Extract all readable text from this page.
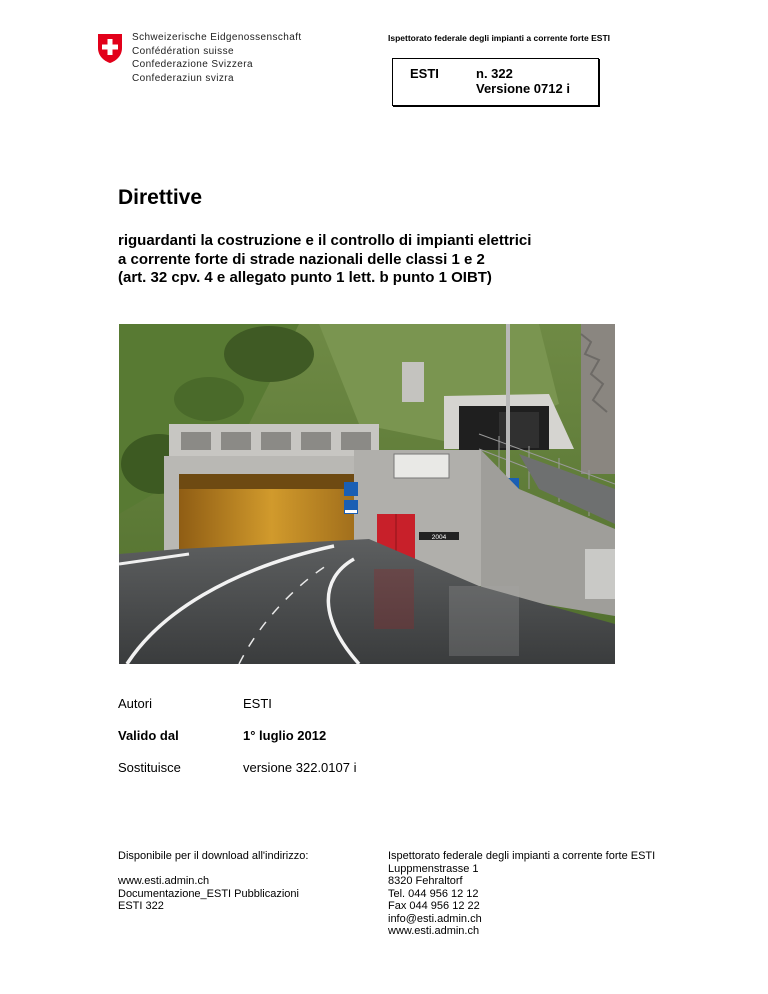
Schweizerische Eidgenossenschaft
Confédération suisse
Confederazione Svizzera
Confederaziun svizra
Ispettorato federale degli impianti a corrente forte ESTI
ESTI	n. 322
Versione 0712 i
Direttive
riguardanti la costruzione e il controllo di impianti elettrici
a corrente forte di strade nazionali delle classi 1 e 2
(art. 32 cpv. 4 e allegato punto 1 lett. b punto 1 OIBT)
2004
Autori	ESTI
Valido dal	1° luglio 2012
Sostituisce	versione 322.0107 i
Disponibile per il download all'indirizzo:
www.esti.admin.ch
Documentazione_ESTI Pubblicazioni
ESTI 322
Ispettorato federale degli impianti a corrente forte ESTI
Luppmenstrasse 1
8320 Fehraltorf
Tel. 044 956 12 12
Fax 044 956 12 22
info@esti.admin.ch
www.esti.admin.ch
